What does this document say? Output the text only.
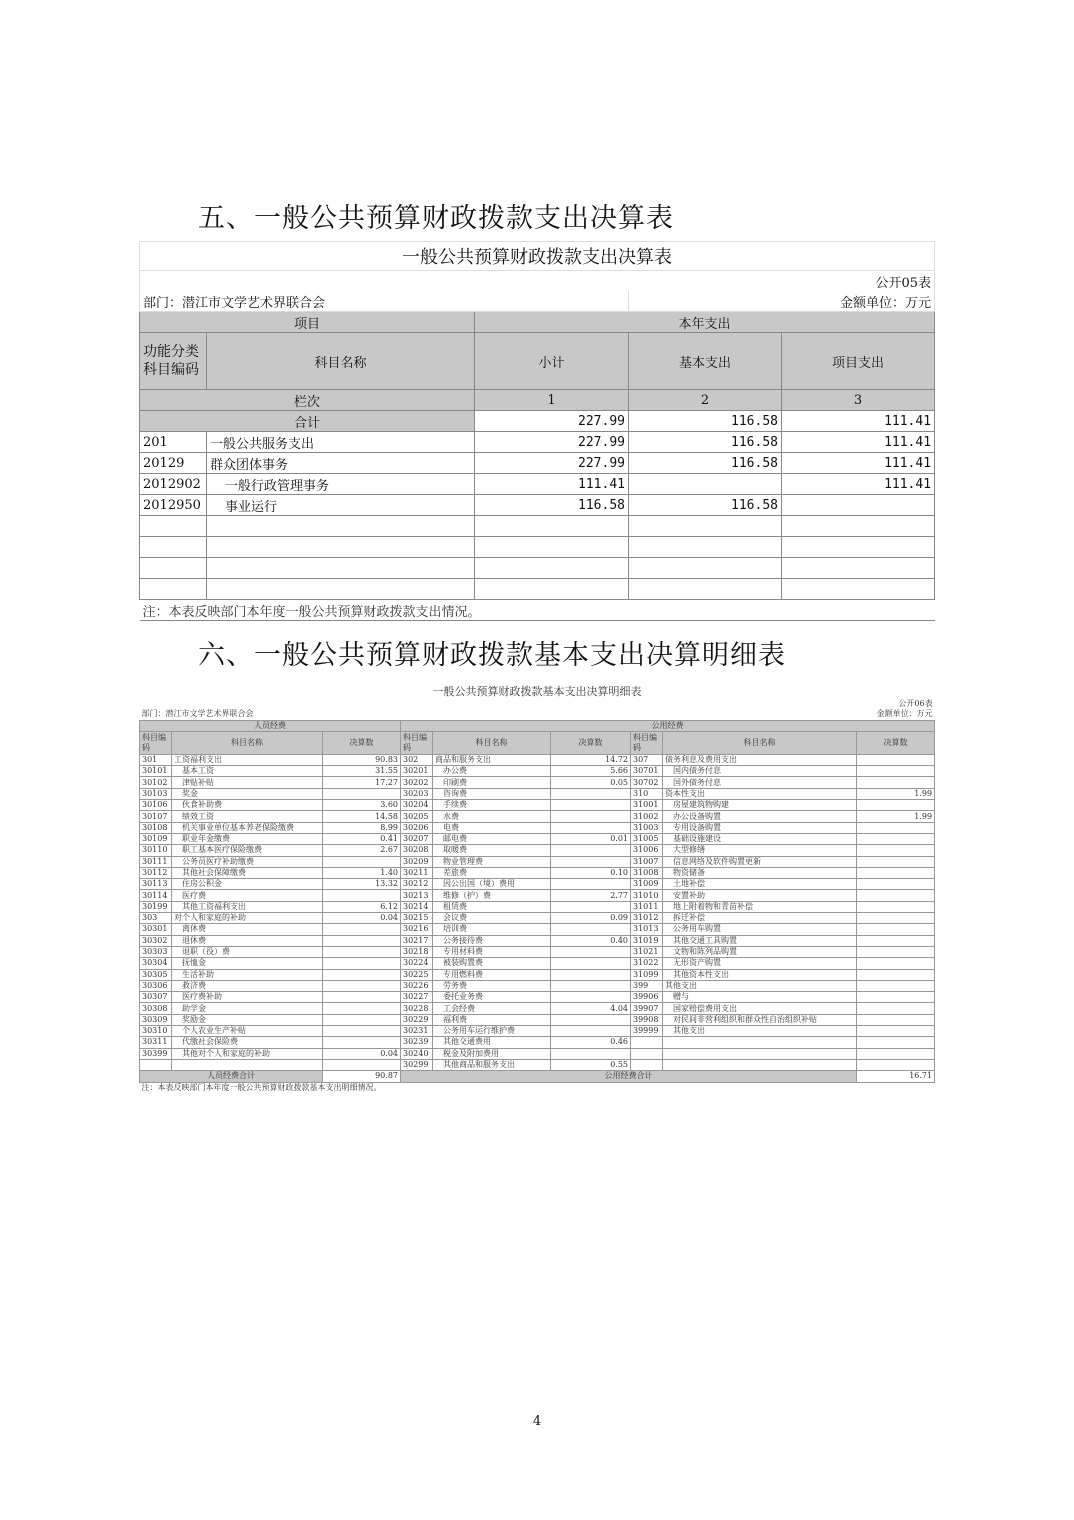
五、一般公共预算财政拨款支出决算表
一般公共预算财政拨款支出决算表				
公开05表				
部门：潜江市文学艺术界联合会			金额单位：万元	
项目		本年支出		
功能分类科目编码	科目名称	小计	基本支出	项目支出
栏次		1	2	3
合计		227.99	116.58	111.41
201	一般公共服务支出	227.99	116.58	111.41
20129	群众团体事务	227.99	116.58	111.41
2012902	一般行政管理事务	111.41		111.41
2012950	事业运行	116.58	116.58	

注：本表反映部门本年度一般公共预算财政拨款支出情况。				
六、一般公共预算财政拨款基本支出决算明细表
一般公共预算财政拨款基本支出决算明细表								
公开06表								
部门：潜江市文学艺术界联合会				金额单位：万元				
人员经费			公用经费					
科目编码	科目名称	决算数	科目编码	科目名称	决算数	科目编码	科目名称	决算数
301	工资福利支出	90.83	302	商品和服务支出	14.72	307	债务利息及费用支出	
30101	基本工资	31.55	30201	办公费	5.66	30701	国内债务付息	
30102	津贴补贴	17.27	30202	印刷费	0.05	30702	国外债务付息	
30103	奖金		30203	咨询费		310	资本性支出	1.99
30106	伙食补助费	3.60	30204	手续费		31001	房屋建筑物购建	
30107	绩效工资	14.58	30205	水费		31002	办公设备购置	1.99
30108	机关事业单位基本养老保险缴费	8.99	30206	电费		31003	专用设备购置	
30109	职业年金缴费	0.41	30207	邮电费	0.01	31005	基础设施建设	
30110	职工基本医疗保险缴费	2.67	30208	取暖费		31006	大型修缮	
30111	公务员医疗补助缴费		30209	物业管理费		31007	信息网络及软件购置更新	
30112	其他社会保障缴费	1.40	30211	差旅费	0.10	31008	物资储备	
30113	住房公积金	13.32	30212	因公出国（境）费用		31009	土地补偿	
30114	医疗费		30213	维修（护）费	2.77	31010	安置补助	
30199	其他工资福利支出	6.12	30214	租赁费		31011	地上附着物和青苗补偿	
303	对个人和家庭的补助	0.04	30215	会议费	0.09	31012	拆迁补偿	
30301	离休费		30216	培训费		31013	公务用车购置	
30302	退休费		30217	公务接待费	0.40	31019	其他交通工具购置	
30303	退职（役）费		30218	专用材料费		31021	文物和陈列品购置	
30304	抚恤金		30224	被装购置费		31022	无形资产购置	
30305	生活补助		30225	专用燃料费		31099	其他资本性支出	
30306	救济费		30226	劳务费		399	其他支出	
30307	医疗费补助		30227	委托业务费		39906	赠与	
30308	助学金		30228	工会经费	4.04	39907	国家赔偿费用支出	
30309	奖励金		30229	福利费		39908	对民间非营利组织和群众性自治组织补贴	
30310	个人农业生产补贴		30231	公务用车运行维护费		39999	其他支出	
30311	代缴社会保险费		30239	其他交通费用	0.46			
30399	其他对个人和家庭的补助	0.04	30240	税金及附加费用				
			30299	其他商品和服务支出	0.55			
人员经费合计		90.87	公用经费合计					16.71
注：本表反映部门本年度一般公共预算财政拨款基本支出明细情况。								
4
